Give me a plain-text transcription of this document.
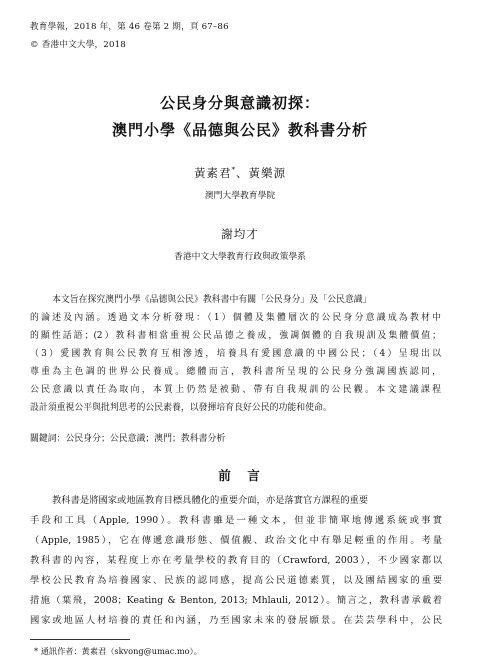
教育學報，2018 年，第 46 卷第 2 期，頁 67–86
© 香港中文大學，2018
公民身分與意識初探：
澳門小學《品德與公民》教科書分析
黃素君*、黃樂源
澳門大學教育學院
謝均才
香港中文大學教育行政與政策學系
本文旨在探究澳門小學《品德與公民》教科書中有關「公民身分」及「公民意識」
的論述及內涵。透過文本分析發現：（1）個體及集體層次的公民身分意識成為教材中
的顯性話語；(2）教科書相當重視公民品德之養成，強調個體的自我規訓及集體價值；
（3）愛國教育與公民教育互相滲透，培養具有愛國意識的中國公民；（4）呈現出以
尊重為主色調的世界公民養成。總體而言，教科書所呈現的公民身分強調國族認同，
公民意識以責任為取向，本質上仍然是被動、帶有自我規訓的公民觀。本文建議課程
設計須重視公平與批判思考的公民素養，以發揮培育良好公民的功能和使命。
關鍵詞：公民身分；公民意識；澳門；教科書分析
前　言
教科書是將國家或地區教育目標具體化的重要介面，亦是落實官方課程的重要
手段和工具（Apple, 1990）。教科書雖是一種文本，但並非簡單地傳遞系統或事實
（Apple, 1985），它在傳遞意識形態、價值觀、政治文化中有舉足輕重的作用。考量
教科書的內容，某程度上亦在考量學校的教育目的（Crawford, 2003），不少國家都以
學校公民教育為培養國家、民族的認同感，提高公民道德素質，以及團結國家的重要
措施（葉飛，2008；Keating & Benton, 2013; Mhlauli, 2012）。簡言之，教科書承載着
國家或地區人材培養的責任和內涵，乃至國家未來的發展願景。在芸芸學科中，公民
* 通訊作者：黃素君（skvong@umac.mo）。
